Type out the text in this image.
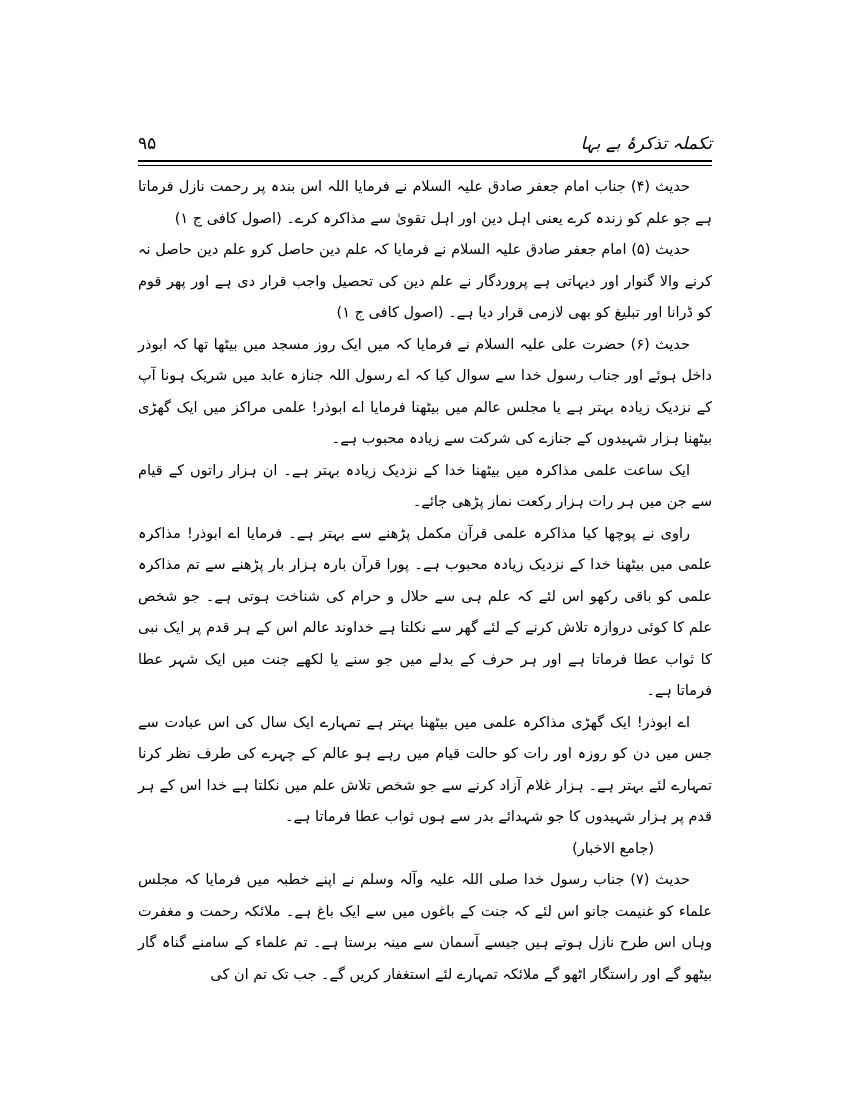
۹۵	تکملہ تذکرۂ بے بہا

حدیث (۴) جناب امام جعفر صادق علیہ السلام نے فرمایا اللہ اس بندہ پر رحمت نازل فرماتا ہے جو علم کو زندہ کرے یعنی اہل دین اور اہل تقویٰ سے مذاکرہ کرے۔ (اصول کافی ج ۱)

حدیث (۵) امام جعفر صادق علیہ السلام نے فرمایا کہ علم دین حاصل کرو علم دین حاصل نہ کرنے والا گنوار اور دیہاتی ہے پروردگار نے علم دین کی تحصیل واجب قرار دی ہے اور پھر قوم کو ڈرانا اور تبلیغ کو بھی لازمی قرار دیا ہے۔ (اصول کافی ج ۱)

حدیث (۶) حضرت علی علیہ السلام نے فرمایا کہ میں ایک روز مسجد میں بیٹھا تھا کہ ابوذر داخل ہوئے اور جناب رسول خدا سے سوال کیا کہ اے رسول اللہ جنازہ عابد میں شریک ہونا آپ کے نزدیک زیادہ بہتر ہے یا مجلس عالم میں بیٹھنا فرمایا اے ابوذر! علمی مراکز میں ایک گھڑی بیٹھنا ہزار شہیدوں کے جنازے کی شرکت سے زیادہ محبوب ہے۔

ایک ساعت علمی مذاکرہ میں بیٹھنا خدا کے نزدیک زیادہ بہتر ہے۔ ان ہزار راتوں کے قیام سے جن میں ہر رات ہزار رکعت نماز پڑھی جائے۔

راوی نے پوچھا کیا مذاکرہ علمی قرآن مکمل پڑھنے سے بہتر ہے۔ فرمایا اے ابوذر! مذاکرہ علمی میں بیٹھنا خدا کے نزدیک زیادہ محبوب ہے۔ پورا قرآن بارہ ہزار بار پڑھنے سے تم مذاکرہ علمی کو باقی رکھو اس لئے کہ علم ہی سے حلال و حرام کی شناخت ہوتی ہے۔ جو شخص علم کا کوئی دروازہ تلاش کرنے کے لئے گھر سے نکلتا ہے خداوند عالم اس کے ہر قدم پر ایک نبی کا ثواب عطا فرماتا ہے اور ہر حرف کے بدلے میں جو سنے یا لکھے جنت میں ایک شہر عطا فرماتا ہے۔

اے ابوذر! ایک گھڑی مذاکرہ علمی میں بیٹھنا بہتر ہے تمہارے ایک سال کی اس عبادت سے جس میں دن کو روزہ اور رات کو حالت قیام میں رہے ہو عالم کے چہرے کی طرف نظر کرنا تمہارے لئے بہتر ہے۔ ہزار غلام آزاد کرنے سے جو شخص تلاش علم میں نکلتا ہے خدا اس کے ہر قدم پر ہزار شہیدوں کا جو شہدائے بدر سے ہوں ثواب عطا فرماتا ہے۔

(جامع الاخبار)

حدیث (۷) جناب رسول خدا صلی اللہ علیہ وآلہ وسلم نے اپنے خطبہ میں فرمایا کہ مجلس علماء کو غنیمت جانو اس لئے کہ جنت کے باغوں میں سے ایک باغ ہے۔ ملائکہ رحمت و مغفرت وہاں اس طرح نازل ہوتے ہیں جیسے آسمان سے مینہ برستا ہے۔ تم علماء کے سامنے گناہ گار بیٹھو گے اور راستگار اٹھو گے ملائکہ تمہارے لئے استغفار کریں گے۔ جب تک تم ان کی
